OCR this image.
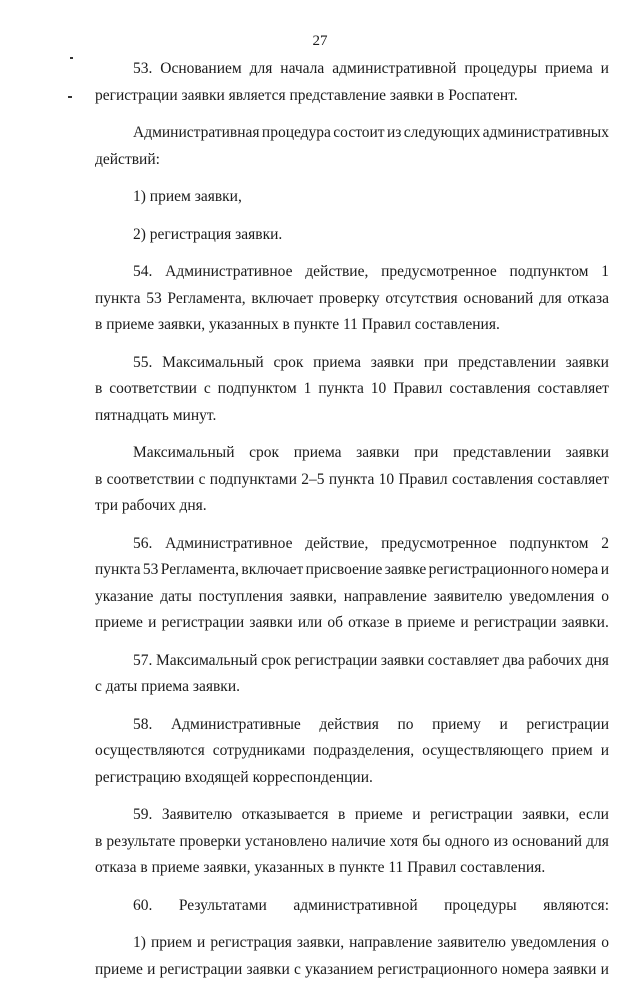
27
53. Основанием для начала административной процедуры приема и
регистрации заявки является представление заявки в Роспатент.
Административная процедура состоит из следующих административных
действий:
1) прием заявки,
2) регистрация заявки.
54. Административное действие, предусмотренное подпунктом 1
пункта 53 Регламента, включает проверку отсутствия оснований для отказа
в приеме заявки, указанных в пункте 11 Правил составления.
55. Максимальный срок приема заявки при представлении заявки
в соответствии с подпунктом 1 пункта 10 Правил составления составляет
пятнадцать минут.
Максимальный срок приема заявки при представлении заявки
в соответствии с подпунктами 2–5 пункта 10 Правил составления составляет
три рабочих дня.
56. Административное действие, предусмотренное подпунктом 2
пункта 53 Регламента, включает присвоение заявке регистрационного номера и
указание даты поступления заявки, направление заявителю уведомления о
приеме и регистрации заявки или об отказе в приеме и регистрации заявки.
57. Максимальный срок регистрации заявки составляет два рабочих дня
с даты приема заявки.
58. Административные действия по приему и регистрации
осуществляются сотрудниками подразделения, осуществляющего прием и
регистрацию входящей корреспонденции.
59. Заявителю отказывается в приеме и регистрации заявки, если
в результате проверки установлено наличие хотя бы одного из оснований для
отказа в приеме заявки, указанных в пункте 11 Правил составления.
60. Результатами административной процедуры являются:
1) прием и регистрация заявки, направление заявителю уведомления о
приеме и регистрации заявки с указанием регистрационного номера заявки и
